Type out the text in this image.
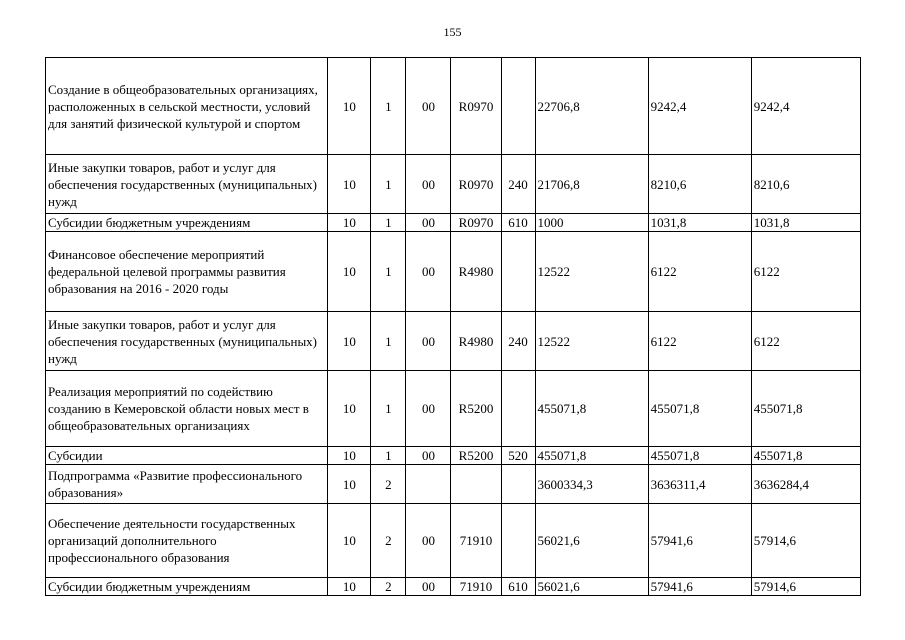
155
Создание в общеобразовательных организациях, расположенных в сельской местности, условий для занятий физической культурой и спортом	10	1	00	R0970		22706,8	9242,4	9242,4
Иные закупки товаров, работ и услуг для обеспечения государственных (муниципальных) нужд	10	1	00	R0970	240	21706,8	8210,6	8210,6
Субсидии бюджетным учреждениям	10	1	00	R0970	610	1000	1031,8	1031,8
Финансовое обеспечение мероприятий федеральной целевой программы развития образования на 2016 - 2020 годы	10	1	00	R4980		12522	6122	6122
Иные закупки товаров, работ и услуг для обеспечения государственных (муниципальных) нужд	10	1	00	R4980	240	12522	6122	6122
Реализация мероприятий по содействию созданию в Кемеровской области новых мест в общеобразовательных организациях	10	1	00	R5200		455071,8	455071,8	455071,8
Субсидии	10	1	00	R5200	520	455071,8	455071,8	455071,8
Подпрограмма «Развитие профессионального образования»	10	2				3600334,3	3636311,4	3636284,4
Обеспечение деятельности государственных организаций дополнительного профессионального образования	10	2	00	71910		56021,6	57941,6	57914,6
Субсидии бюджетным учреждениям	10	2	00	71910	610	56021,6	57941,6	57914,6
